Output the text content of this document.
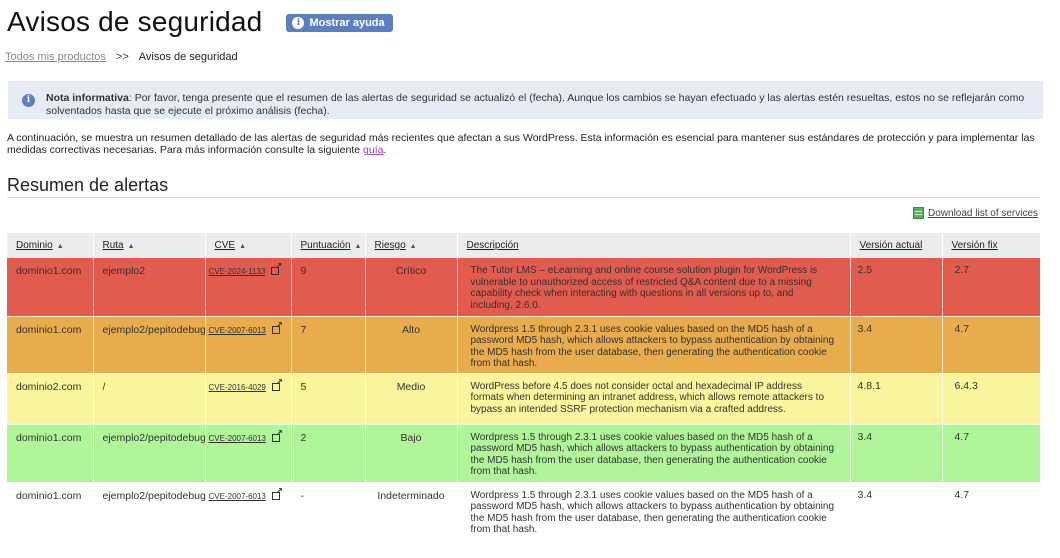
Avisos de seguridad	i Mostrar ayuda
Todos mis productos >> Avisos de seguridad
i	Nota informativa: Por favor, tenga presente que el resumen de las alertas de seguridad se actualizó el (fecha). Aunque los cambios se hayan efectuado y las alertas estén resueltas, estos no se reflejarán como solventados hasta que se ejecute el próximo análisis (fecha).
A continuación, se muestra un resumen detallado de las alertas de seguridad más recientes que afectan a sus WordPress. Esta información es esencial para mantener sus estándares de protección y para implementar las medidas correctivas necesarias. Para más información consulte la siguiente guía.
Resumen de alertas
Download list of services
Dominio ▲	Ruta ▲	CVE ▲	Puntuación ▲	Riesgo ▲	Descripción	Versión actual	Versión fix
dominio1.com	ejemplo2	CVE-2024-1133↗	9	Crítico	The Tutor LMS – eLearning and online course solution plugin for WordPress is vulnerable to unauthorized access of restricted Q&A content due to a missing capability check when interacting with questions in all versions up to, and including, 2.6.0.	2.5	2.7
dominio1.com	ejemplo2/pepitodebug	CVE-2007-6013↗	7	Alto	Wordpress 1.5 through 2.3.1 uses cookie values based on the MD5 hash of a password MD5 hash, which allows attackers to bypass authentication by obtaining the MD5 hash from the user database, then generating the authentication cookie from that hash.	3.4	4.7
dominio2.com	/	CVE-2016-4029↗	5	Medio	WordPress before 4.5 does not consider octal and hexadecimal IP address formats when determining an intranet address, which allows remote attackers to bypass an intended SSRF protection mechanism via a crafted address.	4.8.1	6.4.3
dominio1.com	ejemplo2/pepitodebug	CVE-2007-6013↗	2	Bajo	Wordpress 1.5 through 2.3.1 uses cookie values based on the MD5 hash of a password MD5 hash, which allows attackers to bypass authentication by obtaining the MD5 hash from the user database, then generating the authentication cookie from that hash.	3.4	4.7
dominio1.com	ejemplo2/pepitodebug	CVE-2007-6013↗	-	Indeterminado	Wordpress 1.5 through 2.3.1 uses cookie values based on the MD5 hash of a password MD5 hash, which allows attackers to bypass authentication by obtaining the MD5 hash from the user database, then generating the authentication cookie from that hash.	3.4	4.7
